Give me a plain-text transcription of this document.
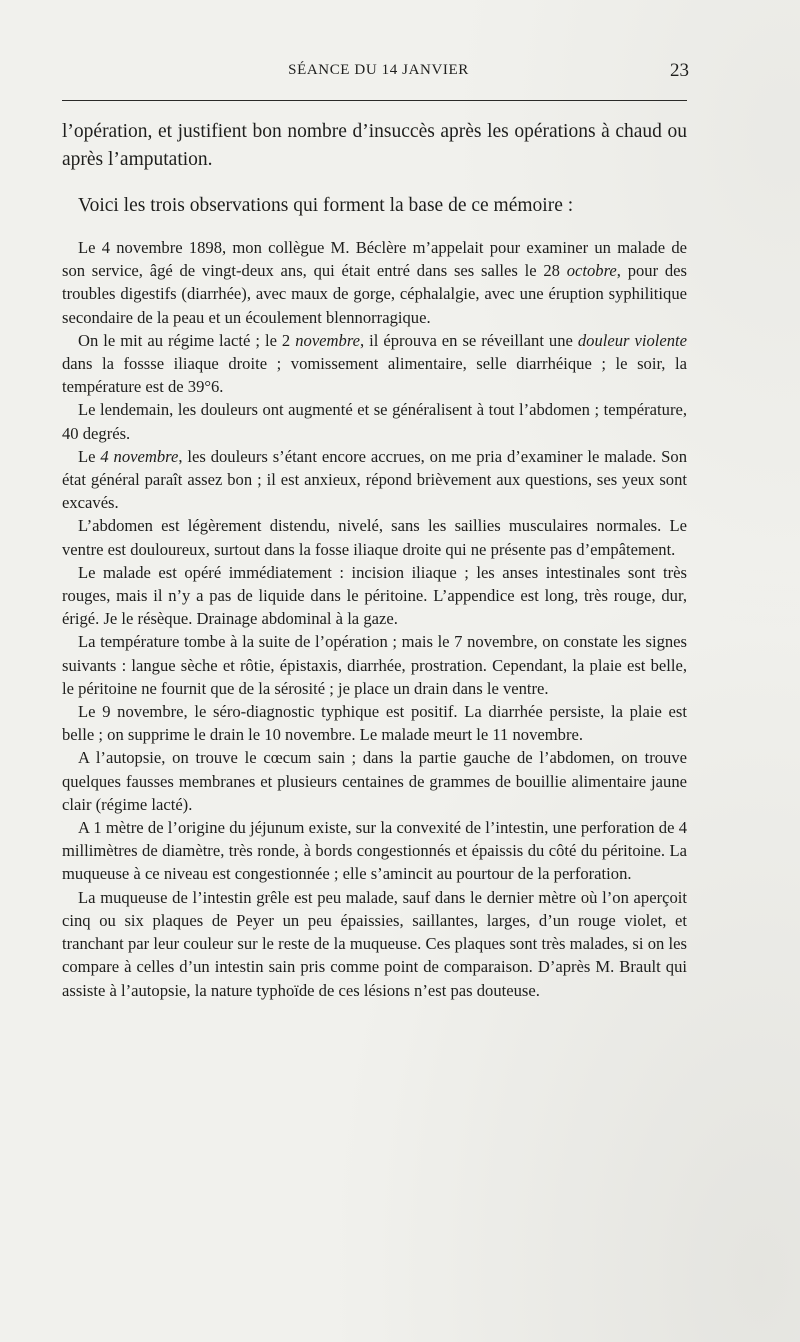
SÉANCE DU 14 JANVIER	23

l’opération, et justifient bon nombre d’insuccès après les opérations à chaud ou après l’amputation.

Voici les trois observations qui forment la base de ce mémoire :

Le 4 novembre 1898, mon collègue M. Béclère m’appelait pour examiner un malade de son service, âgé de vingt-deux ans, qui était entré dans ses salles le 28 octobre, pour des troubles digestifs (diarrhée), avec maux de gorge, céphalalgie, avec une éruption syphilitique secondaire de la peau et un écoulement blennorragique.

On le mit au régime lacté ; le 2 novembre, il éprouva en se réveillant une douleur violente dans la fossse iliaque droite ; vomissement alimentaire, selle diarrhéique ; le soir, la température est de 39°6.

Le lendemain, les douleurs ont augmenté et se généralisent à tout l’abdomen ; température, 40 degrés.

Le 4 novembre, les douleurs s’étant encore accrues, on me pria d’examiner le malade. Son état général paraît assez bon ; il est anxieux, répond brièvement aux questions, ses yeux sont excavés.

L’abdomen est légèrement distendu, nivelé, sans les saillies musculaires normales. Le ventre est douloureux, surtout dans la fosse iliaque droite qui ne présente pas d’empâtement.

Le malade est opéré immédiatement : incision iliaque ; les anses intestinales sont très rouges, mais il n’y a pas de liquide dans le péritoine. L’appendice est long, très rouge, dur, érigé. Je le résèque. Drainage abdominal à la gaze.

La température tombe à la suite de l’opération ; mais le 7 novembre, on constate les signes suivants : langue sèche et rôtie, épistaxis, diarrhée, prostration. Cependant, la plaie est belle, le péritoine ne fournit que de la sérosité ; je place un drain dans le ventre.

Le 9 novembre, le séro-diagnostic typhique est positif. La diarrhée persiste, la plaie est belle ; on supprime le drain le 10 novembre. Le malade meurt le 11 novembre.

A l’autopsie, on trouve le cœcum sain ; dans la partie gauche de l’abdomen, on trouve quelques fausses membranes et plusieurs centaines de grammes de bouillie alimentaire jaune clair (régime lacté).

A 1 mètre de l’origine du jéjunum existe, sur la convexité de l’intestin, une perforation de 4 millimètres de diamètre, très ronde, à bords congestionnés et épaissis du côté du péritoine. La muqueuse à ce niveau est congestionnée ; elle s’amincit au pourtour de la perforation.

La muqueuse de l’intestin grêle est peu malade, sauf dans le dernier mètre où l’on aperçoit cinq ou six plaques de Peyer un peu épaissies, saillantes, larges, d’un rouge violet, et tranchant par leur couleur sur le reste de la muqueuse. Ces plaques sont très malades, si on les compare à celles d’un intestin sain pris comme point de comparaison. D’après M. Brault qui assiste à l’autopsie, la nature typhoïde de ces lésions n’est pas douteuse.
